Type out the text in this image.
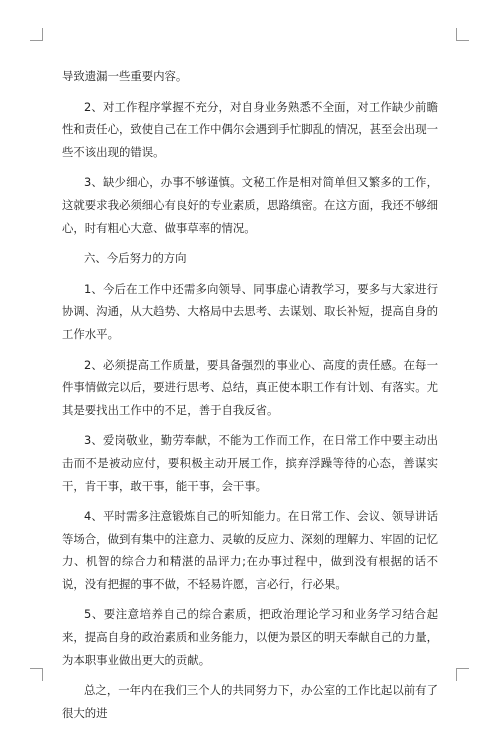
导致遗漏一些重要内容。

2、对工作程序掌握不充分，对自身业务熟悉不全面，对工作缺少前瞻性和责任心，致使自己在工作中偶尔会遇到手忙脚乱的情况，甚至会出现一些不该出现的错误。

3、缺少细心，办事不够谨慎。文秘工作是相对简单但又繁多的工作，这就要求我必须细心有良好的专业素质，思路缜密。在这方面，我还不够细心，时有粗心大意、做事草率的情况。

六、今后努力的方向

1、今后在工作中还需多向领导、同事虚心请教学习，要多与大家进行协调、沟通，从大趋势、大格局中去思考、去谋划、取长补短，提高自身的工作水平。

2、必须提高工作质量，要具备强烈的事业心、高度的责任感。在每一件事情做完以后，要进行思考、总结，真正使本职工作有计划、有落实。尤其是要找出工作中的不足，善于自我反省。

3、爱岗敬业，勤劳奉献，不能为工作而工作，在日常工作中要主动出击而不是被动应付，要积极主动开展工作，摈弃浮躁等待的心态，善谋实干，肯干事，敢干事，能干事，会干事。

4、平时需多注意锻炼自己的听知能力。在日常工作、会议、领导讲话等场合，做到有集中的注意力、灵敏的反应力、深刻的理解力、牢固的记忆力、机智的综合力和精湛的品评力;在办事过程中，做到没有根据的话不说，没有把握的事不做，不轻易许愿，言必行，行必果。

5、要注意培养自己的综合素质，把政治理论学习和业务学习结合起来，提高自身的政治素质和业务能力，以便为景区的明天奉献自己的力量，为本职事业做出更大的贡献。

总之，一年内在我们三个人的共同努力下，办公室的工作比起以前有了很大的进
